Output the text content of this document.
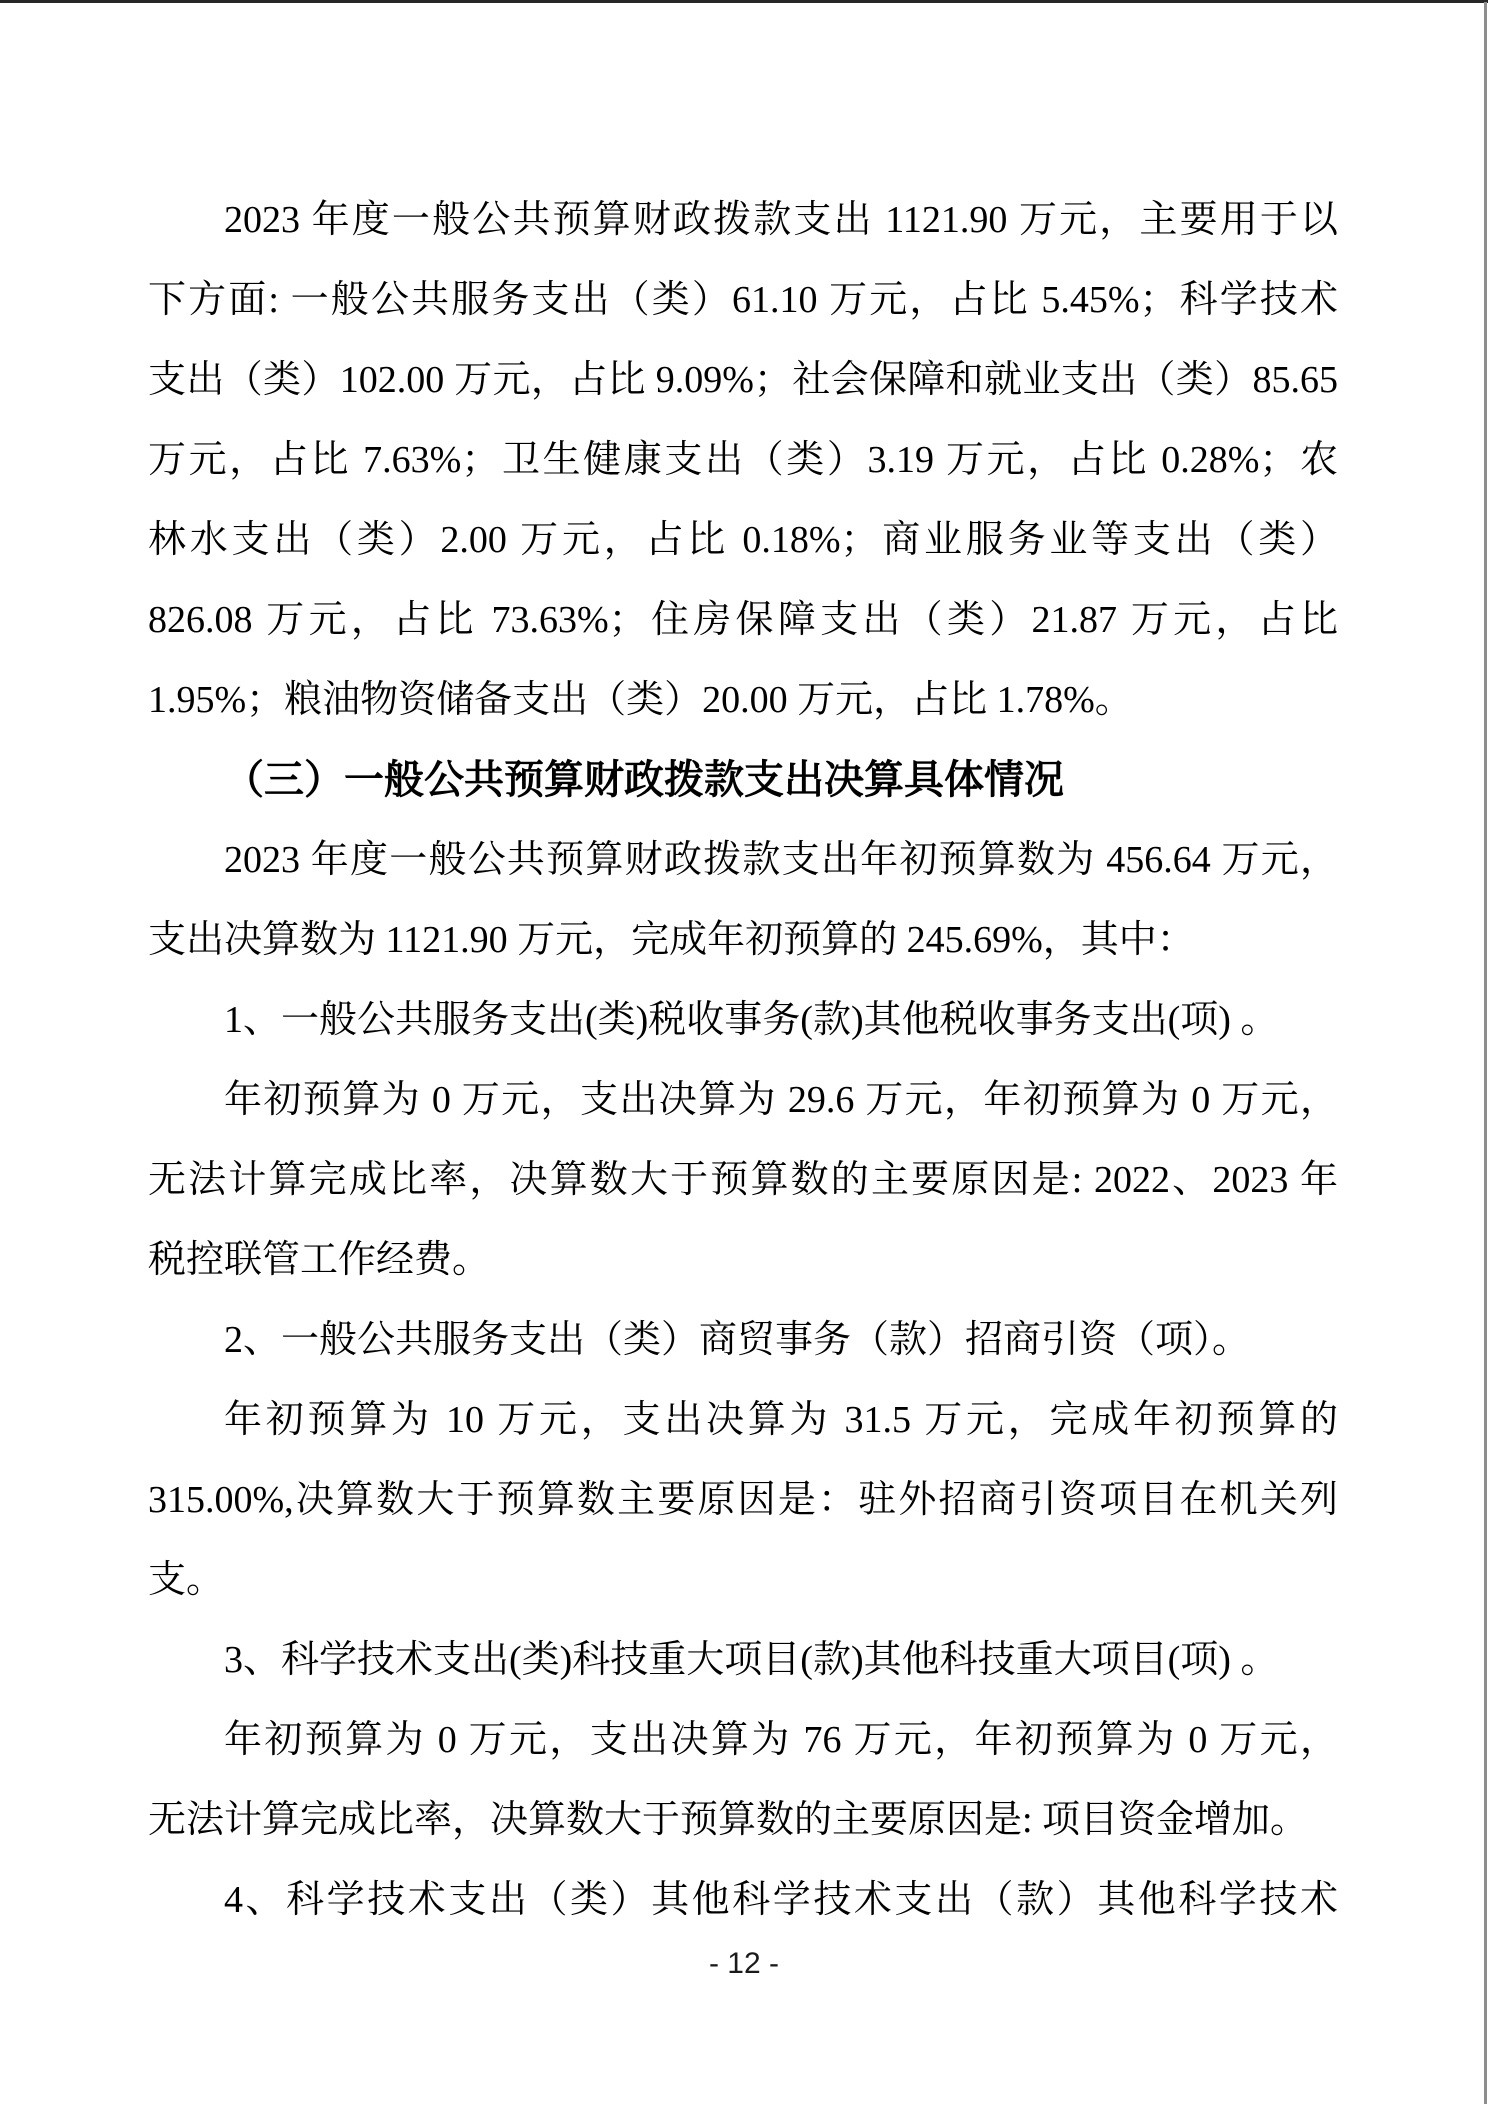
2023 年度一般公共预算财政拨款支出 1121.90 万元，主要用于以
下方面: 一般公共服务支出（类）61.10 万元，占比 5.45%；科学技术
支出（类）102.00 万元，占比 9.09%；社会保障和就业支出（类）85.65
万元，占比 7.63%；卫生健康支出（类）3.19 万元，占比 0.28%；农
林水支出（类）2.00 万元，占比 0.18%；商业服务业等支出（类）
826.08 万元，占比 73.63%；住房保障支出（类）21.87 万元，占比
1.95%；粮油物资储备支出（类）20.00 万元，占比 1.78%。
（三）一般公共预算财政拨款支出决算具体情况
2023 年度一般公共预算财政拨款支出年初预算数为 456.64 万元，
支出决算数为 1121.90 万元，完成年初预算的 245.69%，其中：
1、一般公共服务支出(类)税收事务(款)其他税收事务支出(项) 。
年初预算为 0 万元，支出决算为 29.6 万元，年初预算为 0 万元，
无法计算完成比率，决算数大于预算数的主要原因是: 2022、2023 年
税控联管工作经费。
2、一般公共服务支出（类）商贸事务（款）招商引资（项）。
年初预算为 10 万元，支出决算为 31.5 万元，完成年初预算的
315.00%,决算数大于预算数主要原因是：驻外招商引资项目在机关列
支。
3、科学技术支出(类)科技重大项目(款)其他科技重大项目(项) 。
年初预算为 0 万元，支出决算为 76 万元，年初预算为 0 万元，
无法计算完成比率，决算数大于预算数的主要原因是: 项目资金增加。
4、科学技术支出（类）其他科学技术支出（款）其他科学技术
- 12 -
